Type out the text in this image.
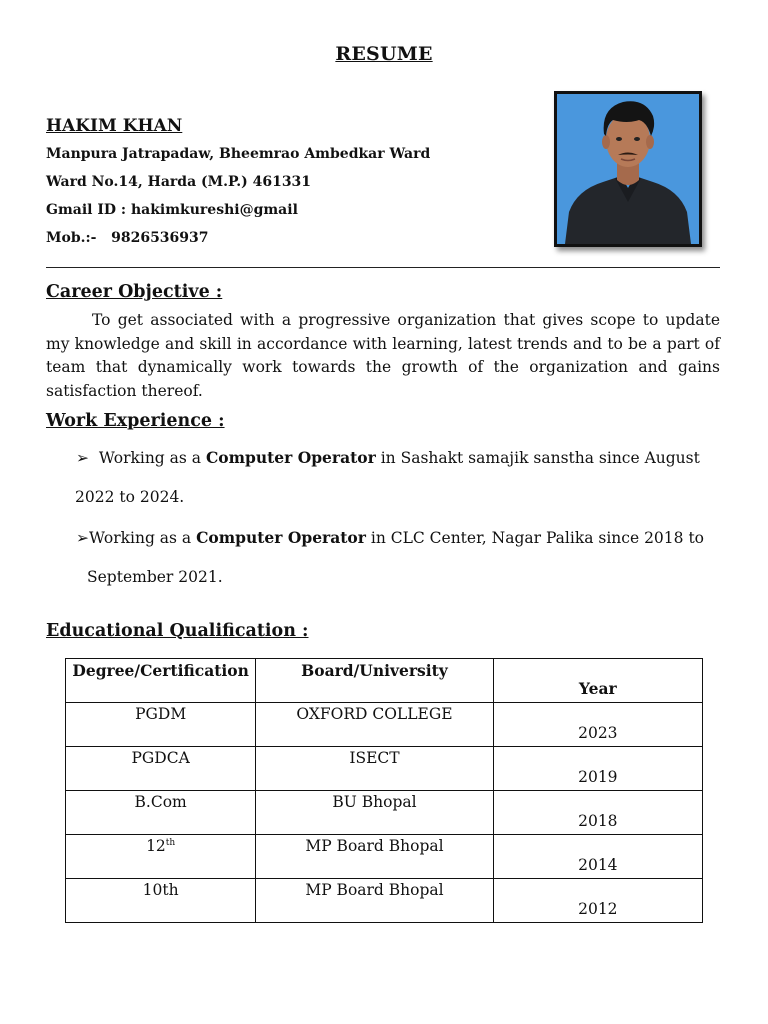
RESUME
HAKIM KHAN
Manpura Jatrapadaw, Bheemrao Ambedkar Ward
Ward No.14, Harda (M.P.) 461331
Gmail ID : hakimkureshi@gmail
Mob.:-   9826536937
Career Objective :

To get associated with a progressive organization that gives scope to update my knowledge and skill in accordance with learning, latest trends and to be a part of team that dynamically work towards the growth of the organization and gains satisfaction thereof.

Work Experience :
➢ Working as a Computer Operator in Sashakt samajik sanstha since August
2022 to 2024.
➢Working as a Computer Operator in CLC Center, Nagar Palika since 2018 to
September 2021.
Educational Qualification :
Degree/Certification	Board/University	Year
PGDM	OXFORD COLLEGE	2023
PGDCA	ISECT	2019
B.Com	BU Bhopal	2018
12th	MP Board Bhopal	2014
10th	MP Board Bhopal	2012
